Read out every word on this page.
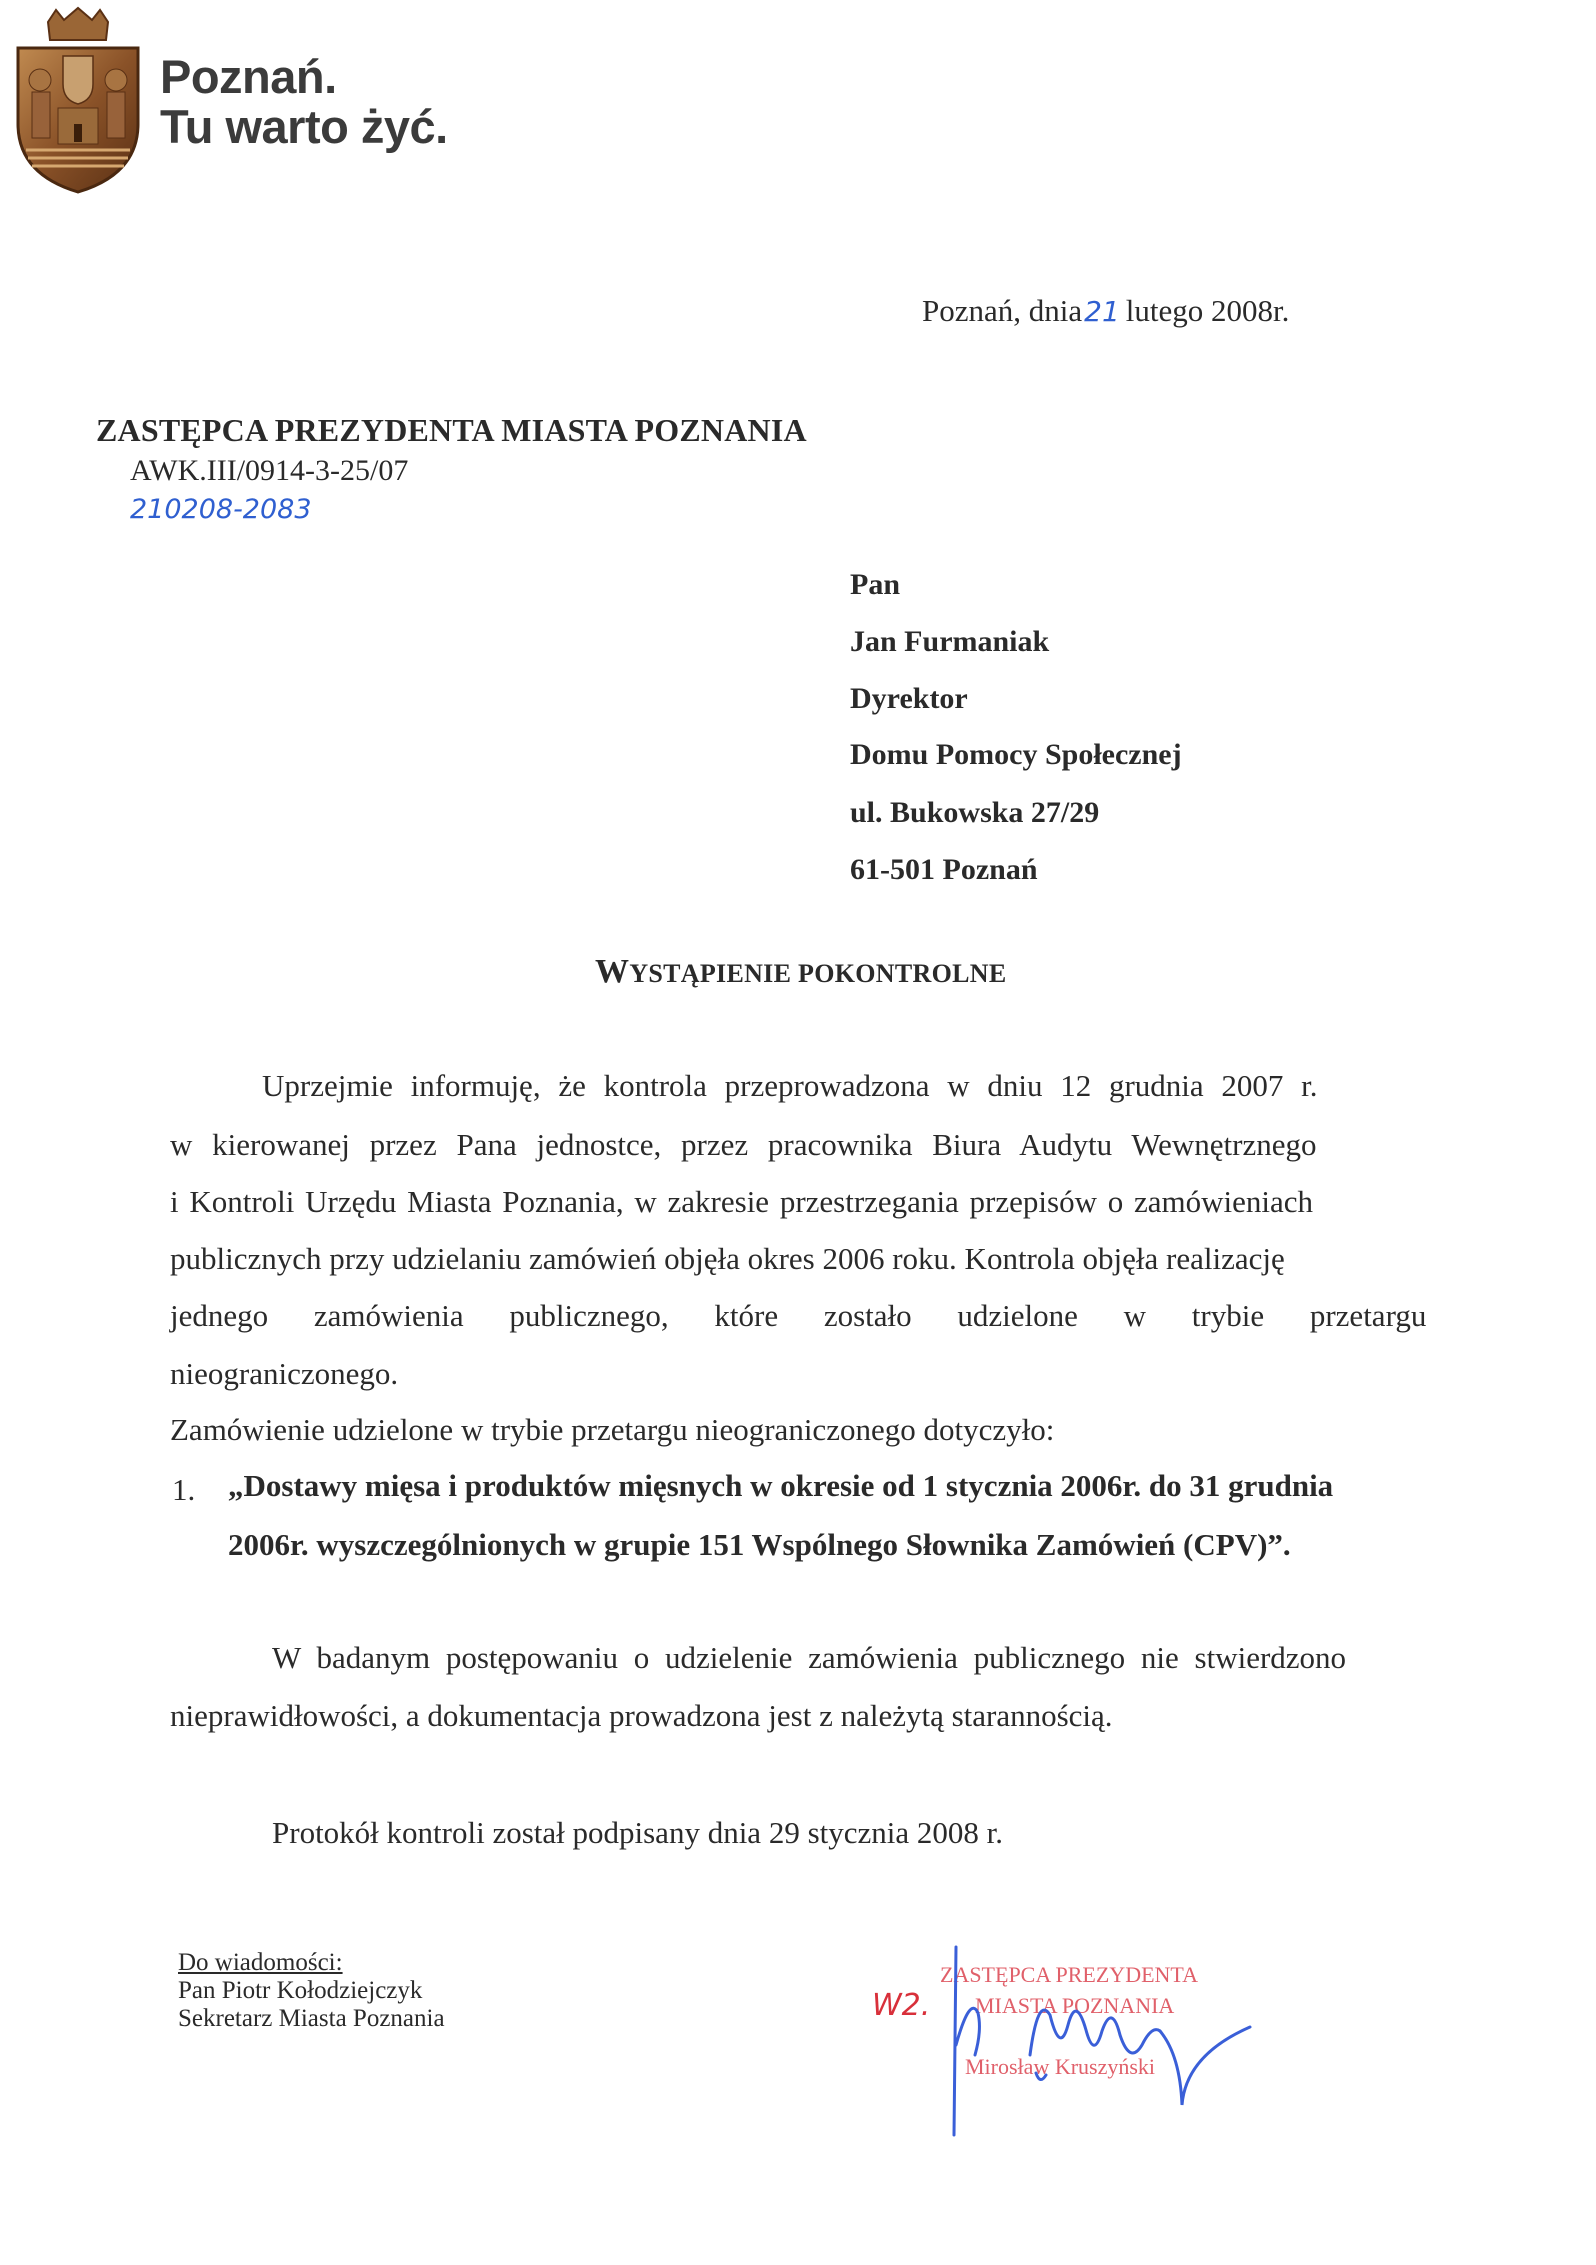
Poznań.
Tu warto żyć.
Poznań, dnia21 lutego 2008r.
ZASTĘPCA PREZYDENTA MIASTA POZNANIA
AWK.III/0914-3-25/07
210208-2083
Pan
Jan Furmaniak
Dyrektor
Domu Pomocy Społecznej
ul. Bukowska 27/29
61-501 Poznań
WYSTĄPIENIE POKONTROLNE
Uprzejmie informuję, że kontrola przeprowadzona w dniu 12 grudnia 2007 r.
w kierowanej przez Pana jednostce, przez pracownika Biura Audytu Wewnętrznego
i Kontroli Urzędu Miasta Poznania, w zakresie przestrzegania przepisów o zamówieniach
publicznych przy udzielaniu zamówień objęła okres 2006 roku. Kontrola objęła realizację
jednego zamówienia publicznego, które zostało udzielone w trybie przetargu
nieograniczonego.
Zamówienie udzielone w trybie przetargu nieograniczonego dotyczyło:
1. „Dostawy mięsa i produktów mięsnych w okresie od 1 stycznia 2006r. do 31 grudnia
2006r. wyszczególnionych w grupie 151 Wspólnego Słownika Zamówień (CPV)”.
W badanym postępowaniu o udzielenie zamówienia publicznego nie stwierdzono
nieprawidłowości, a dokumentacja prowadzona jest z należytą starannością.
Protokół kontroli został podpisany dnia 29 stycznia 2008 r.
Do wiadomości:
Pan Piotr Kołodziejczyk
Sekretarz Miasta Poznania	W2.
ZASTĘPCA PREZYDENTA
MIASTA POZNANIA
Mirosław Kruszyński
